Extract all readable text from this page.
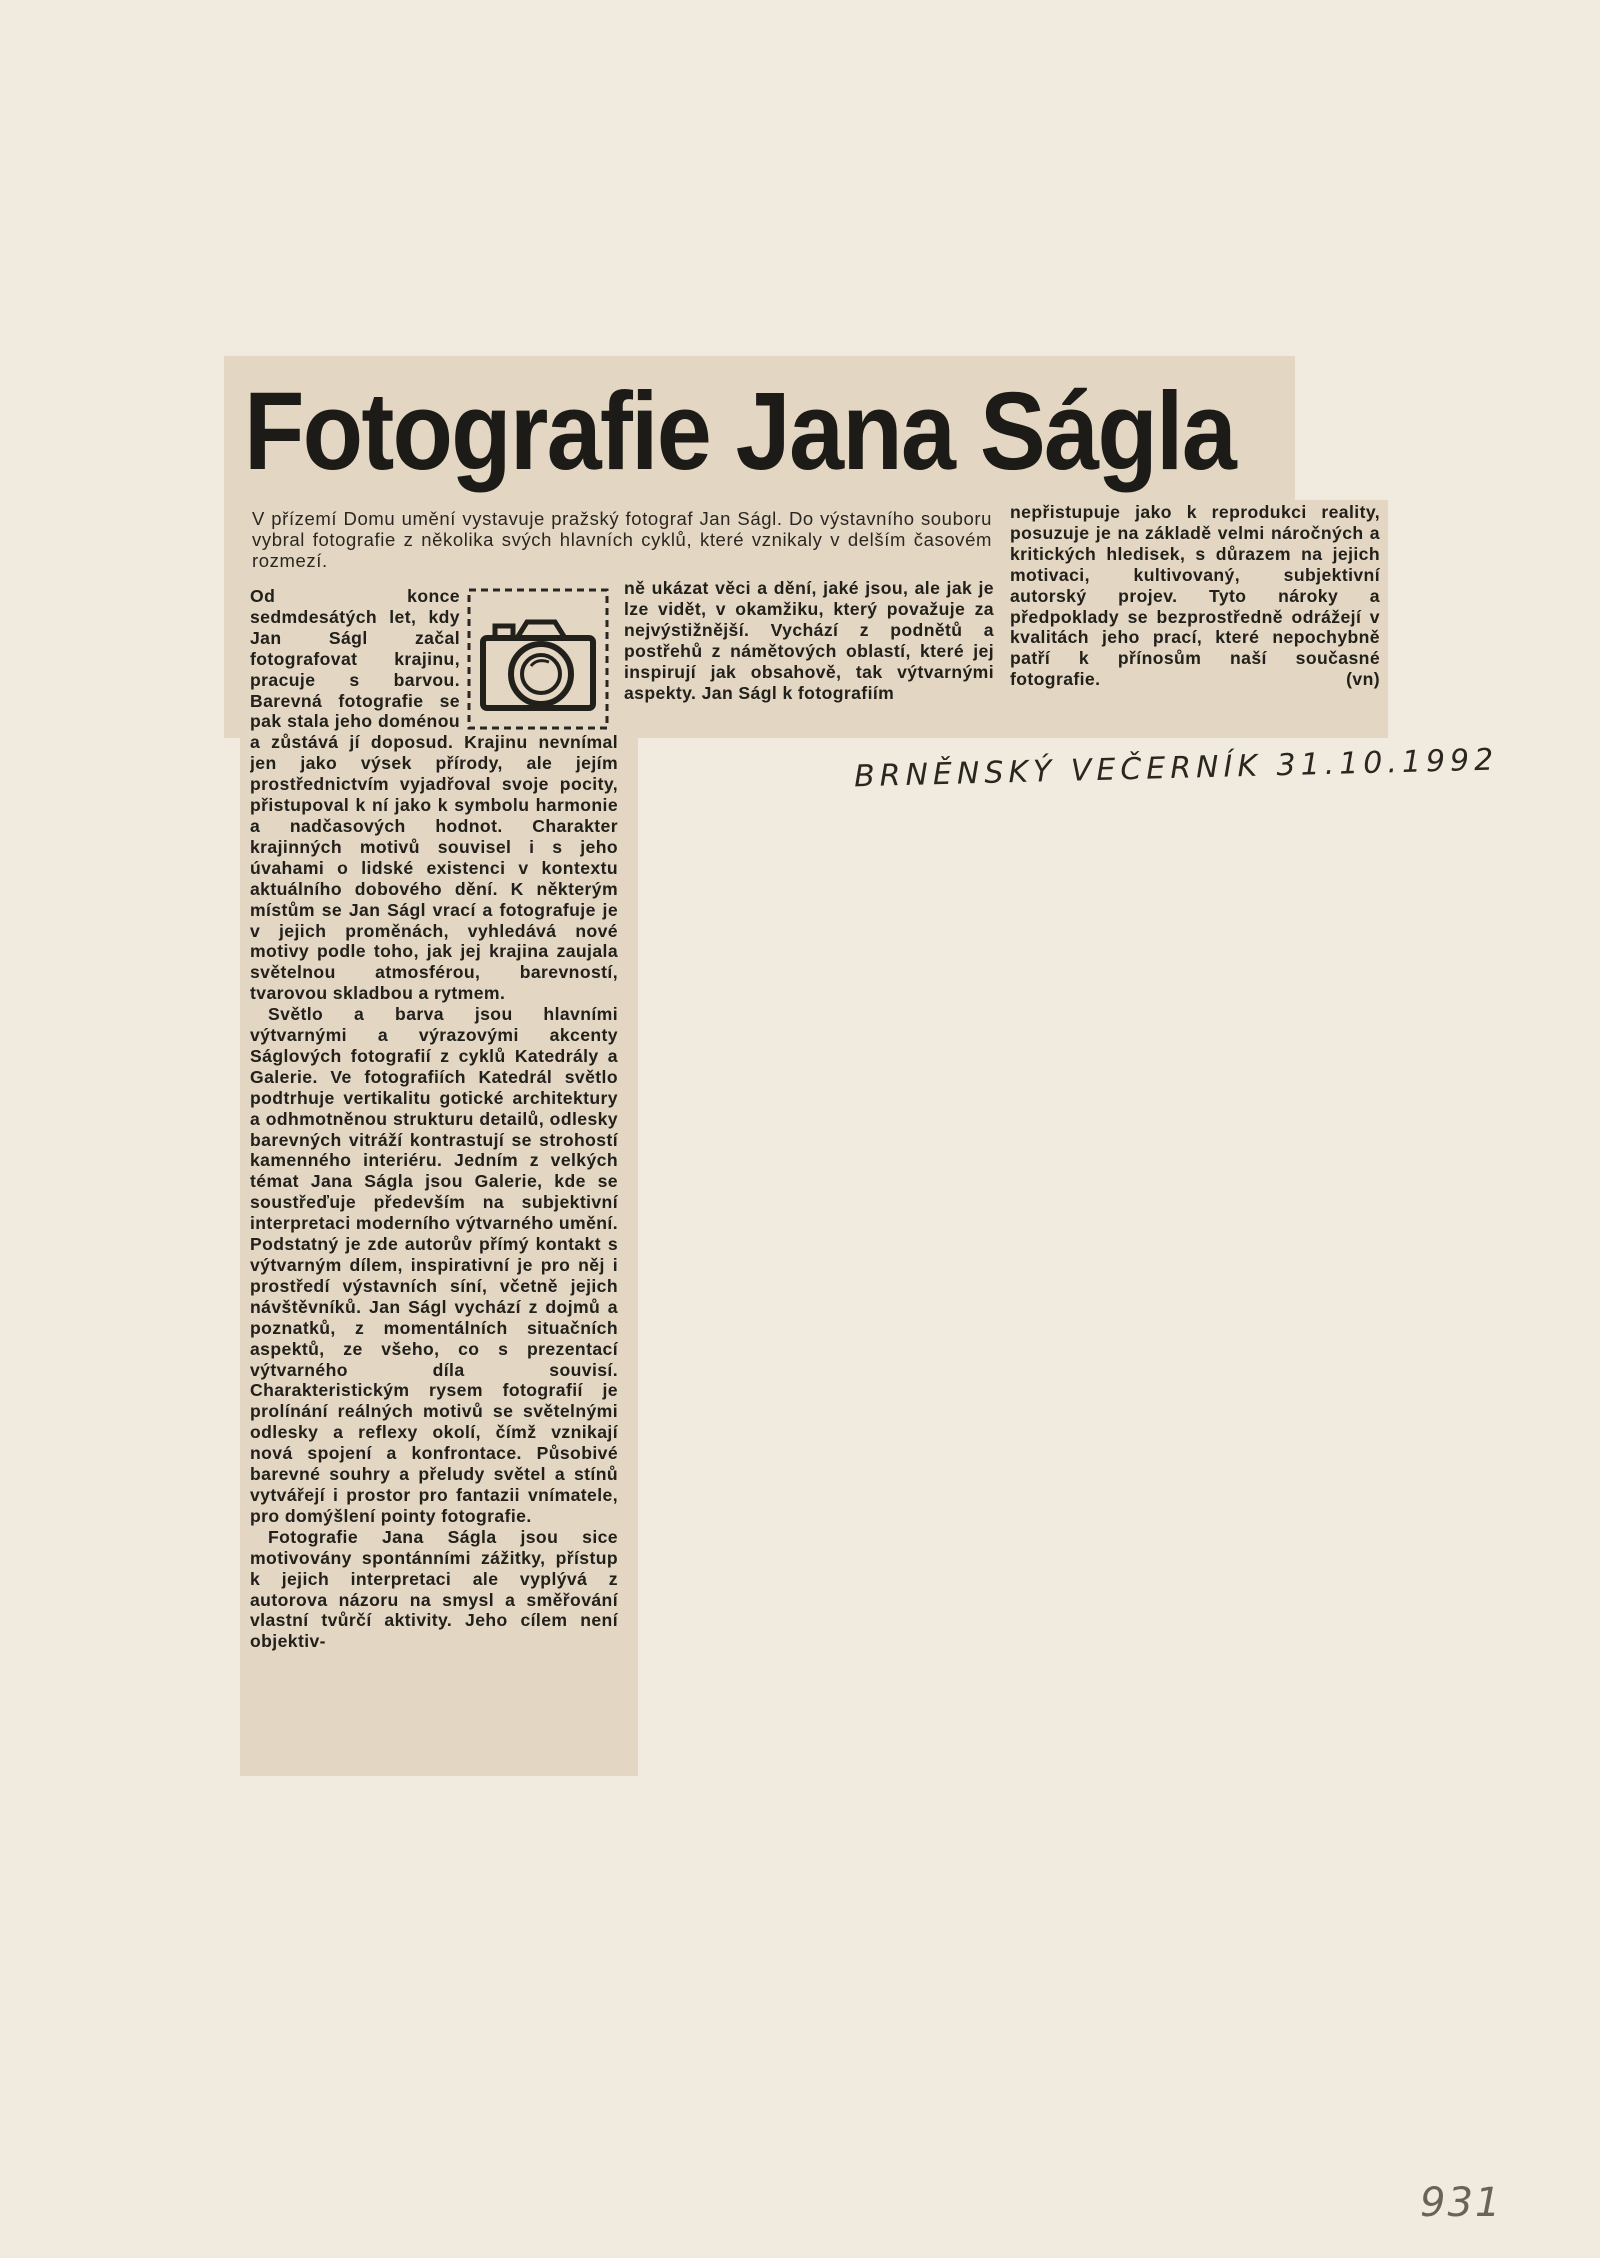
Fotografie Jana Ságla

V přízemí Domu umění vystavuje pražský fotograf Jan Ságl. Do výstavního souboru vybral fotografie z několika svých hlavních cyklů, které vznikaly v delším časovém rozmezí.

Od konce sedmdesátých let, kdy Jan Ságl začal fotografovat krajinu, pracuje s barvou. Barevná fotografie se pak stala jeho doménou a zůstává jí doposud. Krajinu nevnímal jen jako výsek přírody, ale jejím prostřednictvím vyjadřoval svoje pocity, přistupoval k ní jako k symbolu harmonie a nadčasových hodnot. Charakter krajinných motivů souvisel i s jeho úvahami o lidské existenci v kontextu aktuálního dobového dění. K některým místům se Jan Ságl vrací a fotografuje je v jejich proměnách, vyhledává nové motivy podle toho, jak jej krajina zaujala světelnou atmosférou, barevností, tvarovou skladbou a rytmem.

Světlo a barva jsou hlavními výtvarnými a výrazovými akcenty Ságlových fotografií z cyklů Katedrály a Galerie. Ve fotografiích Katedrál světlo podtrhuje vertikalitu gotické architektury a odhmotněnou strukturu detailů, odlesky barevných vitráží kontrastují se strohostí kamenného interiéru. Jedním z velkých témat Jana Ságla jsou Galerie, kde se soustřeďuje především na subjektivní interpretaci moderního výtvarného umění. Podstatný je zde autorův přímý kontakt s výtvarným dílem, inspirativní je pro něj i prostředí výstavních síní, včetně jejich návštěvníků. Jan Ságl vychází z dojmů a poznatků, z momentálních situačních aspektů, ze všeho, co s prezentací výtvarného díla souvisí. Charakteristickým rysem fotografií je prolínání reálných motivů se světelnými odlesky a reflexy okolí, čímž vznikají nová spojení a konfrontace. Působivé barevné souhry a přeludy světel a stínů vytvářejí i prostor pro fantazii vnímatele, pro domýšlení pointy fotografie.

Fotografie Jana Ságla jsou sice motivovány spontánními zážitky, přístup k jejich interpretaci ale vyplývá z autorova názoru na smysl a směřování vlastní tvůrčí aktivity. Jeho cílem není objektiv-

ně ukázat věci a dění, jaké jsou, ale jak je lze vidět, v okamžiku, který považuje za nejvýstižnější. Vychází z podnětů a postřehů z námětových oblastí, které jej inspirují jak obsahově, tak výtvarnými aspekty. Jan Ságl k fotografiím

nepřistupuje jako k reprodukci reality, posuzuje je na základě velmi náročných a kritických hledisek, s důrazem na jejich motivaci, kultivovaný, subjektivní autorský projev. Tyto nároky a předpoklady se bezprostředně odrážejí v kvalitách jeho prací, které nepochybně patří k přínosům naší současné fotografie.	(vn)

BRNĚNSKÝ VEČERNÍK 31.10.1992

931
